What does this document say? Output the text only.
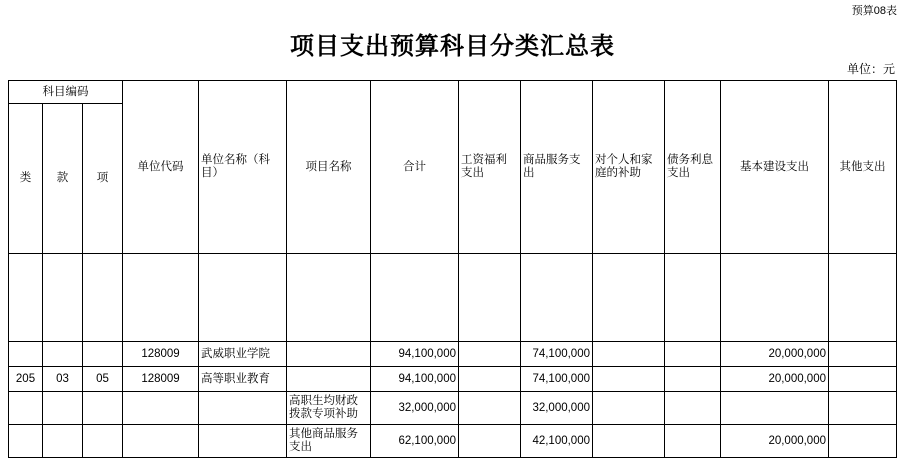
预算08表
项目支出预算科目分类汇总表
单位：元
科目编码			单位代码	单位名称（科目）	项目名称	合计	工资福利支出	商品服务支出	对个人和家庭的补助	债务利息支出	基本建设支出	其他支出
类	款	项										

			128009	武威职业学院		94,100,000		74,100,000			20,000,000	
205	03	05	128009	高等职业教育		94,100,000		74,100,000			20,000,000	
					高职生均财政拨款专项补助	32,000,000		32,000,000				
					其他商品服务支出	62,100,000		42,100,000			20,000,000	
